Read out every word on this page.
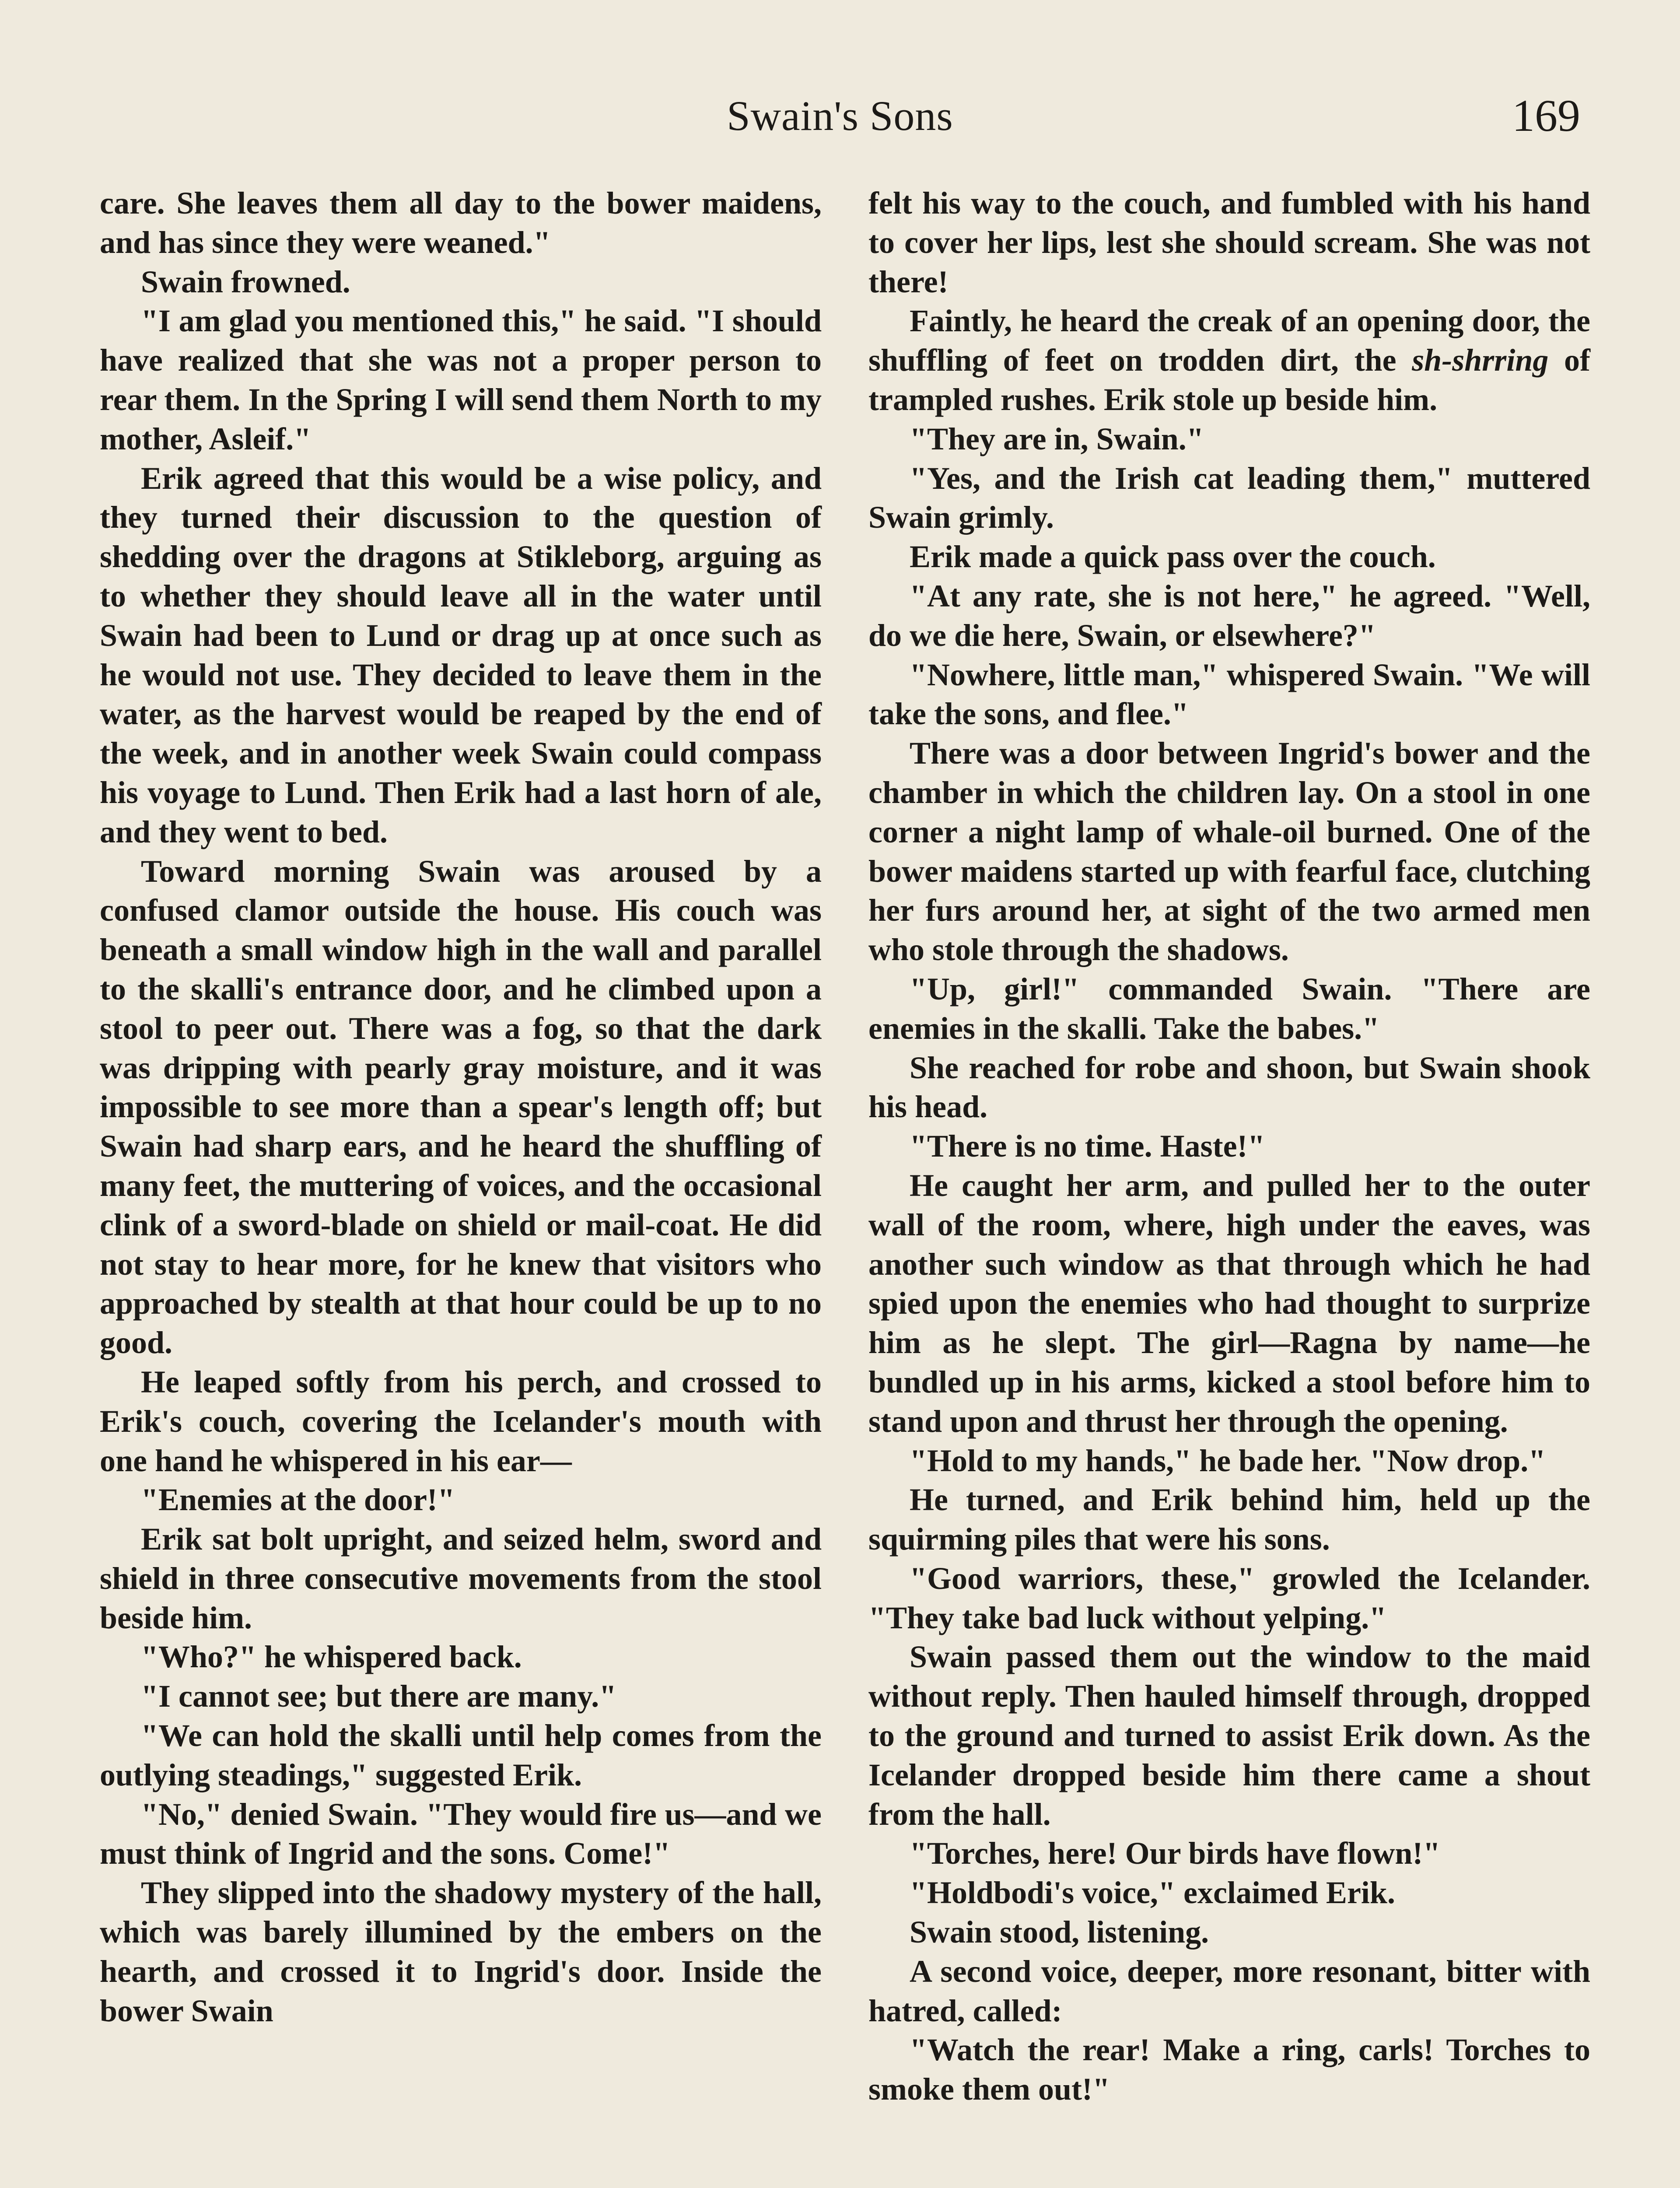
Swain's Sons	169

care. She leaves them all day to the bower maidens, and has since they were weaned."

Swain frowned.

"I am glad you mentioned this," he said. "I should have realized that she was not a proper person to rear them. In the Spring I will send them North to my mother, Asleif."

Erik agreed that this would be a wise policy, and they turned their discussion to the question of shedding over the dragons at Stikleborg, arguing as to whether they should leave all in the water until Swain had been to Lund or drag up at once such as he would not use. They decided to leave them in the water, as the harvest would be reaped by the end of the week, and in another week Swain could compass his voyage to Lund. Then Erik had a last horn of ale, and they went to bed.

Toward morning Swain was aroused by a confused clamor outside the house. His couch was beneath a small window high in the wall and parallel to the skalli's entrance door, and he climbed upon a stool to peer out. There was a fog, so that the dark was dripping with pearly gray moisture, and it was impossible to see more than a spear's length off; but Swain had sharp ears, and he heard the shuffling of many feet, the muttering of voices, and the occasional clink of a sword-blade on shield or mail-coat. He did not stay to hear more, for he knew that visitors who approached by stealth at that hour could be up to no good.

He leaped softly from his perch, and crossed to Erik's couch, covering the Icelander's mouth with one hand he whispered in his ear—

"Enemies at the door!"

Erik sat bolt upright, and seized helm, sword and shield in three consecutive movements from the stool beside him.

"Who?" he whispered back.

"I cannot see; but there are many."

"We can hold the skalli until help comes from the outlying steadings," suggested Erik.

"No," denied Swain. "They would fire us—and we must think of Ingrid and the sons. Come!"

They slipped into the shadowy mystery of the hall, which was barely illumined by the embers on the hearth, and crossed it to Ingrid's door. Inside the bower Swain

felt his way to the couch, and fumbled with his hand to cover her lips, lest she should scream. She was not there!

Faintly, he heard the creak of an opening door, the shuffling of feet on trodden dirt, the sh-shrring of trampled rushes. Erik stole up beside him.

"They are in, Swain."

"Yes, and the Irish cat leading them," muttered Swain grimly.

Erik made a quick pass over the couch.

"At any rate, she is not here," he agreed. "Well, do we die here, Swain, or elsewhere?"

"Nowhere, little man," whispered Swain. "We will take the sons, and flee."

There was a door between Ingrid's bower and the chamber in which the children lay. On a stool in one corner a night lamp of whale-oil burned. One of the bower maidens started up with fearful face, clutching her furs around her, at sight of the two armed men who stole through the shadows.

"Up, girl!" commanded Swain. "There are enemies in the skalli. Take the babes."

She reached for robe and shoon, but Swain shook his head.

"There is no time. Haste!"

He caught her arm, and pulled her to the outer wall of the room, where, high under the eaves, was another such window as that through which he had spied upon the enemies who had thought to surprize him as he slept. The girl—Ragna by name—he bundled up in his arms, kicked a stool before him to stand upon and thrust her through the opening.

"Hold to my hands," he bade her. "Now drop."

He turned, and Erik behind him, held up the squirming piles that were his sons.

"Good warriors, these," growled the Icelander. "They take bad luck without yelping."

Swain passed them out the window to the maid without reply. Then hauled himself through, dropped to the ground and turned to assist Erik down. As the Icelander dropped beside him there came a shout from the hall.

"Torches, here! Our birds have flown!"

"Holdbodi's voice," exclaimed Erik.

Swain stood, listening.

A second voice, deeper, more resonant, bitter with hatred, called:

"Watch the rear! Make a ring, carls! Torches to smoke them out!"
